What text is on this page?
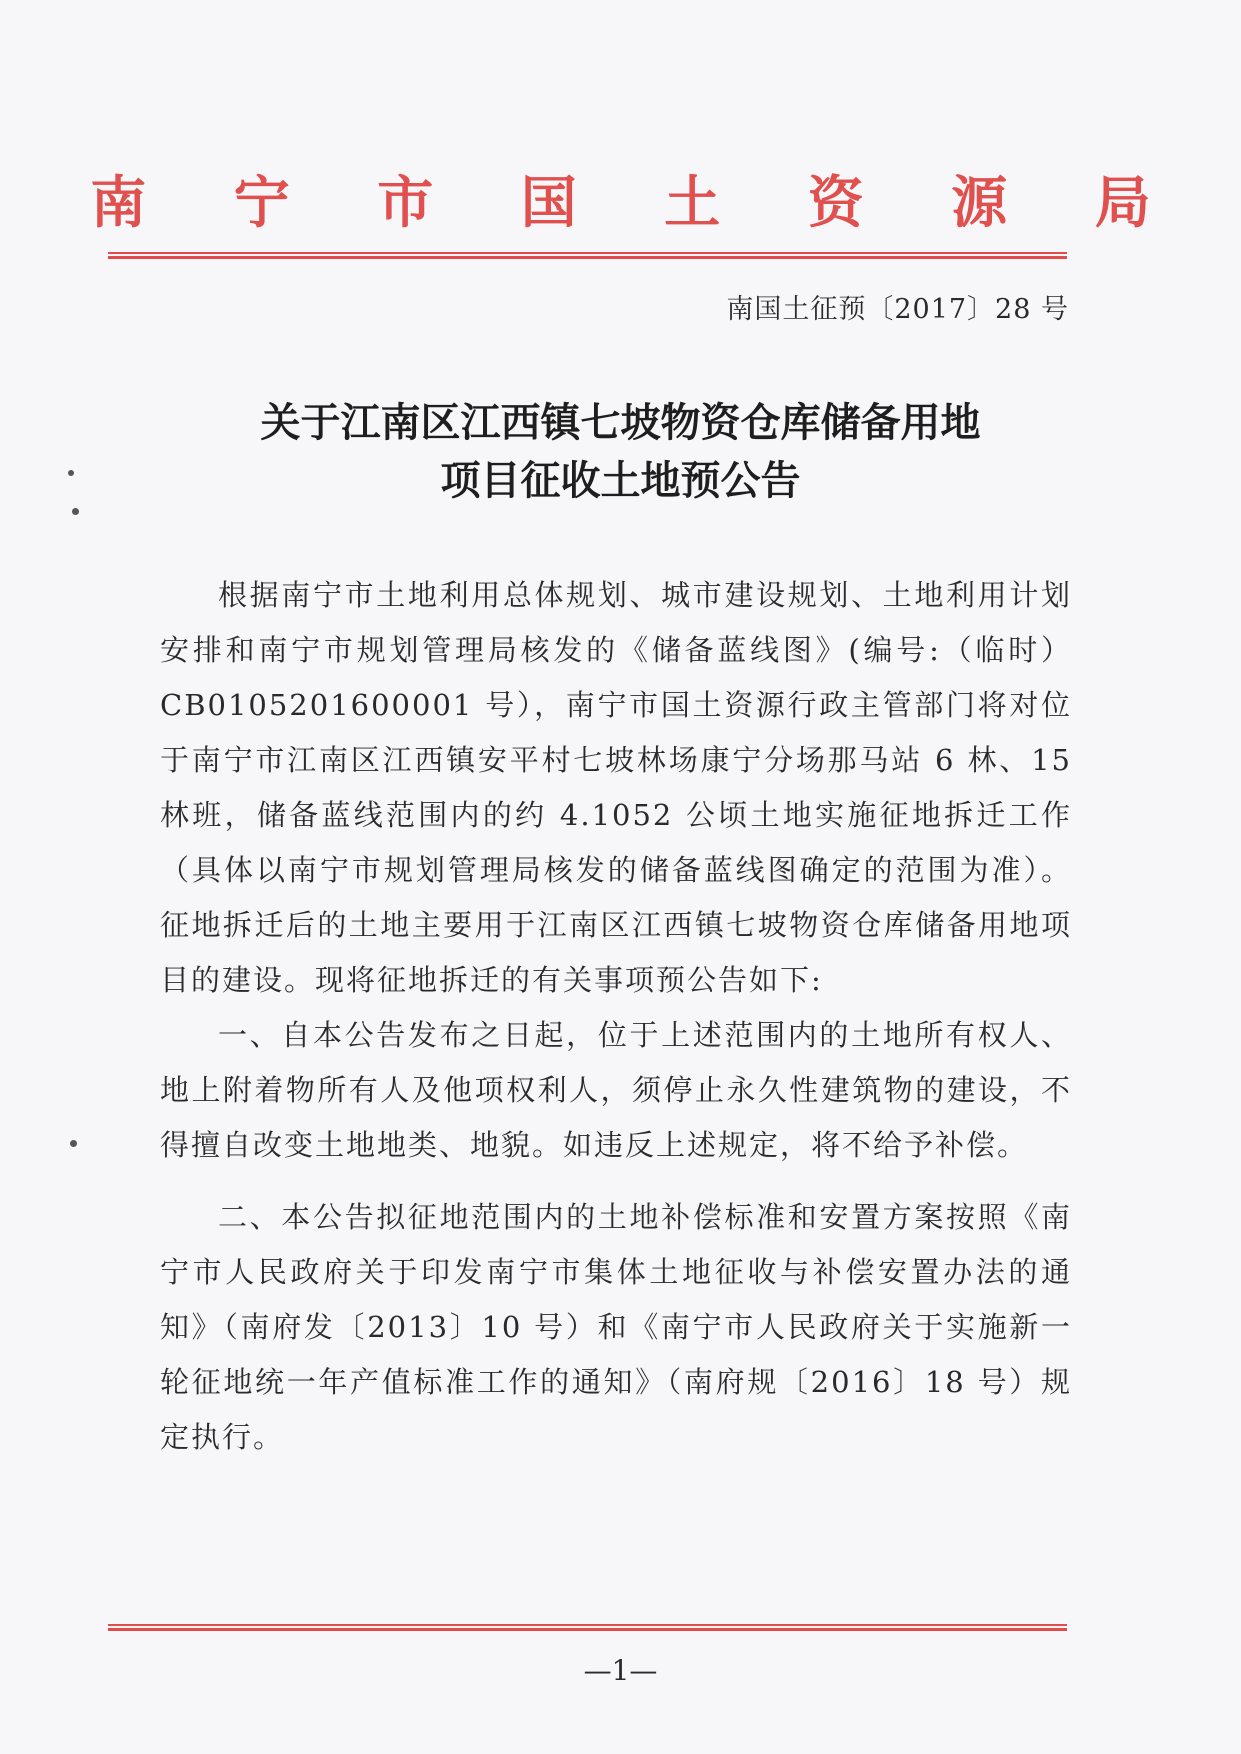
南 宁 市 国 土 资 源 局
南国土征预〔2017〕28 号
关于江南区江西镇七坡物资仓库储备用地
项目征收土地预公告

根据南宁市土地利用总体规划、城市建设规划、土地利用计划安排和南宁市规划管理局核发的《储备蓝线图》(编号:（临时）CB0105201600001 号），南宁市国土资源行政主管部门将对位于南宁市江南区江西镇安平村七坡林场康宁分场那马站 6 林、15 林班，储备蓝线范围内的约 4.1052 公顷土地实施征地拆迁工作（具体以南宁市规划管理局核发的储备蓝线图确定的范围为准）。征地拆迁后的土地主要用于江南区江西镇七坡物资仓库储备用地项目的建设。现将征地拆迁的有关事项预公告如下:

一、自本公告发布之日起，位于上述范围内的土地所有权人、地上附着物所有人及他项权利人，须停止永久性建筑物的建设，不得擅自改变土地地类、地貌。如违反上述规定，将不给予补偿。

二、本公告拟征地范围内的土地补偿标准和安置方案按照《南宁市人民政府关于印发南宁市集体土地征收与补偿安置办法的通知》（南府发〔2013〕10 号）和《南宁市人民政府关于实施新一轮征地统一年产值标准工作的通知》（南府规〔2016〕18 号）规定执行。

—1—
